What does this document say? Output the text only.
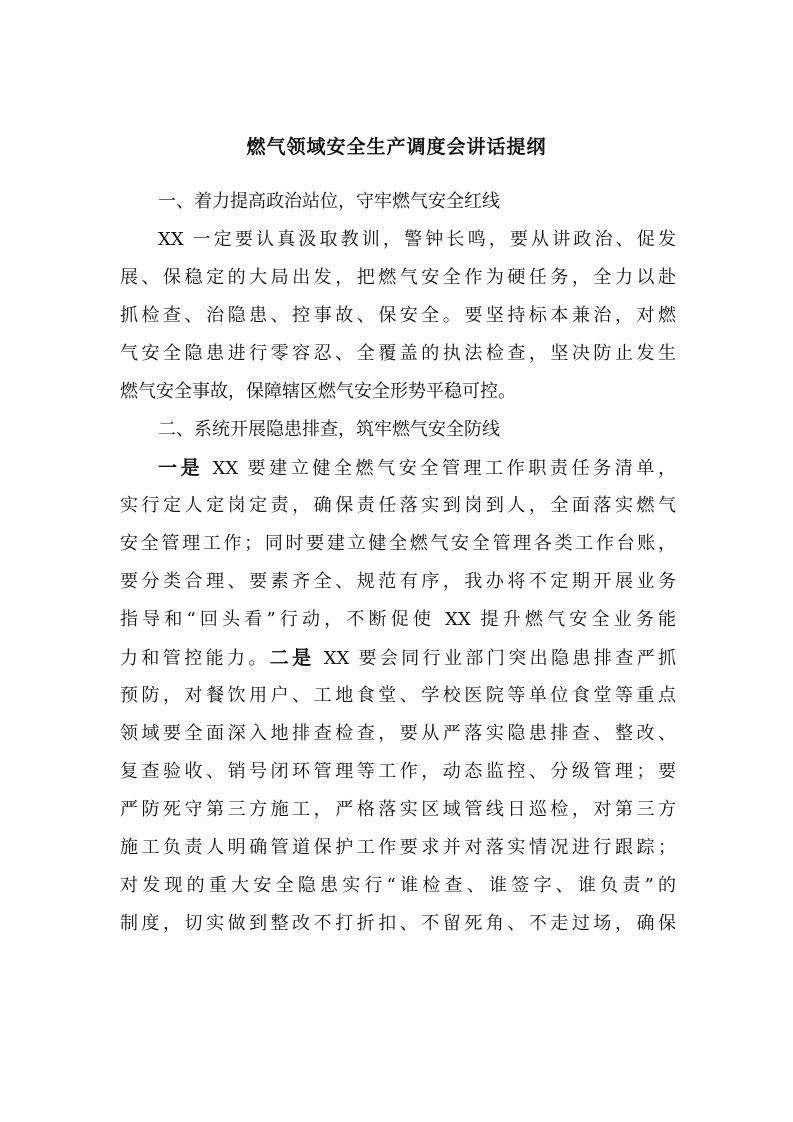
燃气领域安全生产调度会讲话提纲
一、着力提高政治站位，守牢燃气安全红线
XX 一定要认真汲取教训，警钟长鸣，要从讲政治、促发
展、保稳定的大局出发，把燃气安全作为硬任务，全力以赴
抓检查、治隐患、控事故、保安全。要坚持标本兼治，对燃
气安全隐患进行零容忍、全覆盖的执法检查，坚决防止发生
燃气安全事故，保障辖区燃气安全形势平稳可控。
二、系统开展隐患排查，筑牢燃气安全防线
一是 XX 要建立健全燃气安全管理工作职责任务清单，
实行定人定岗定责，确保责任落实到岗到人，全面落实燃气
安全管理工作；同时要建立健全燃气安全管理各类工作台账，
要分类合理、要素齐全、规范有序，我办将不定期开展业务
指导和“回头看”行动，不断促使 XX 提升燃气安全业务能
力和管控能力。二是 XX 要会同行业部门突出隐患排查严抓
预防，对餐饮用户、工地食堂、学校医院等单位食堂等重点
领域要全面深入地排查检查，要从严落实隐患排查、整改、
复查验收、销号闭环管理等工作，动态监控、分级管理；要
严防死守第三方施工，严格落实区域管线日巡检，对第三方
施工负责人明确管道保护工作要求并对落实情况进行跟踪；
对发现的重大安全隐患实行“谁检查、谁签字、谁负责”的
制度，切实做到整改不打折扣、不留死角、不走过场，确保
